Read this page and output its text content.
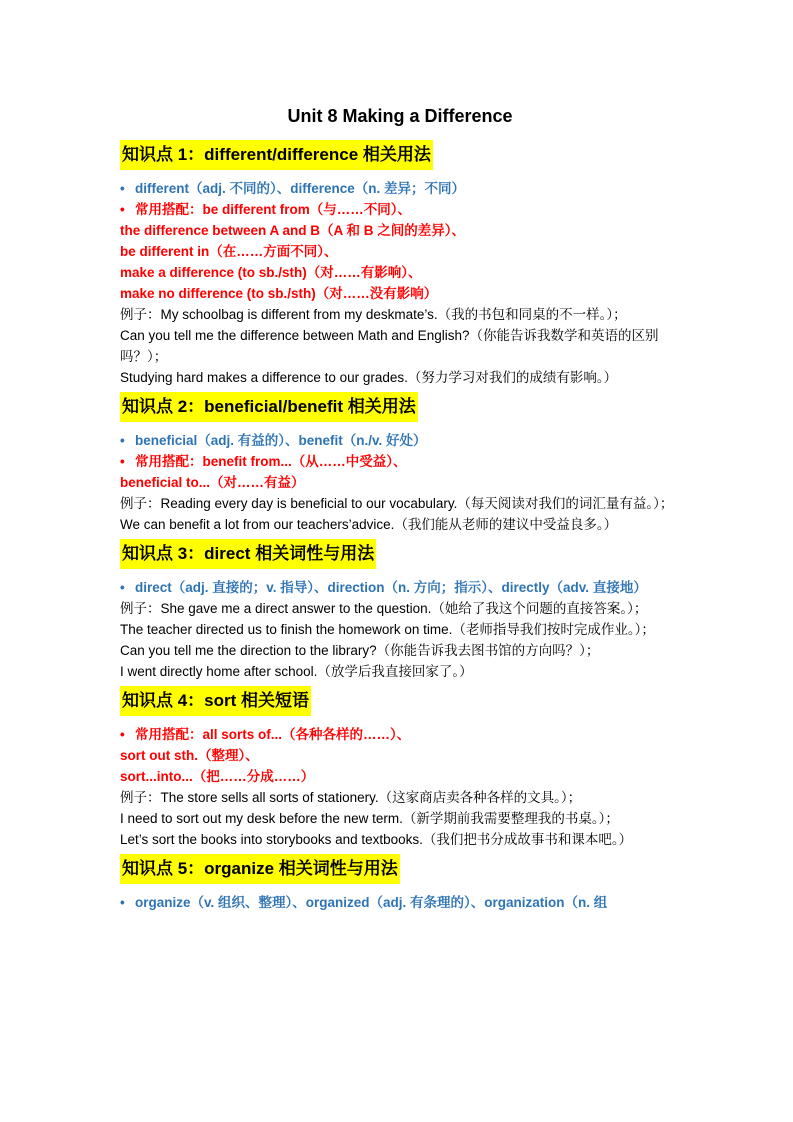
Unit 8 Making a Difference
知识点 1：different/difference 相关用法
• different（adj. 不同的）、difference（n. 差异；不同）
• 常用搭配：be different from（与……不同）、
the difference between A and B（A 和 B 之间的差异）、
be different in（在……方面不同）、
make a difference (to sb./sth)（对……有影响）、
make no difference (to sb./sth)（对……没有影响）
例子：My schoolbag is different from my deskmate’s.（我的书包和同桌的不一样。）；
Can you tell me the difference between Math and English?（你能告诉我数学和英语的区别吗？）；
Studying hard makes a difference to our grades.（努力学习对我们的成绩有影响。）
知识点 2：beneficial/benefit 相关用法
• beneficial（adj. 有益的）、benefit（n./v. 好处）
• 常用搭配：benefit from...（从……中受益）、
beneficial to...（对……有益）
例子：Reading every day is beneficial to our vocabulary.（每天阅读对我们的词汇量有益。）；
We can benefit a lot from our teachers’advice.（我们能从老师的建议中受益良多。）
知识点 3：direct 相关词性与用法
• direct（adj. 直接的；v. 指导）、direction（n. 方向；指示）、directly（adv. 直接地）
例子：She gave me a direct answer to the question.（她给了我这个问题的直接答案。）；
The teacher directed us to finish the homework on time.（老师指导我们按时完成作业。）；
Can you tell me the direction to the library?（你能告诉我去图书馆的方向吗？）；
I went directly home after school.（放学后我直接回家了。）
知识点 4：sort 相关短语
• 常用搭配：all sorts of...（各种各样的……）、
sort out sth.（整理）、
sort...into...（把……分成……）
例子：The store sells all sorts of stationery.（这家商店卖各种各样的文具。）；
I need to sort out my desk before the new term.（新学期前我需要整理我的书桌。）；
Let’s sort the books into storybooks and textbooks.（我们把书分成故事书和课本吧。）
知识点 5：organize 相关词性与用法
• organize（v. 组织、整理）、organized（adj. 有条理的）、organization（n. 组
